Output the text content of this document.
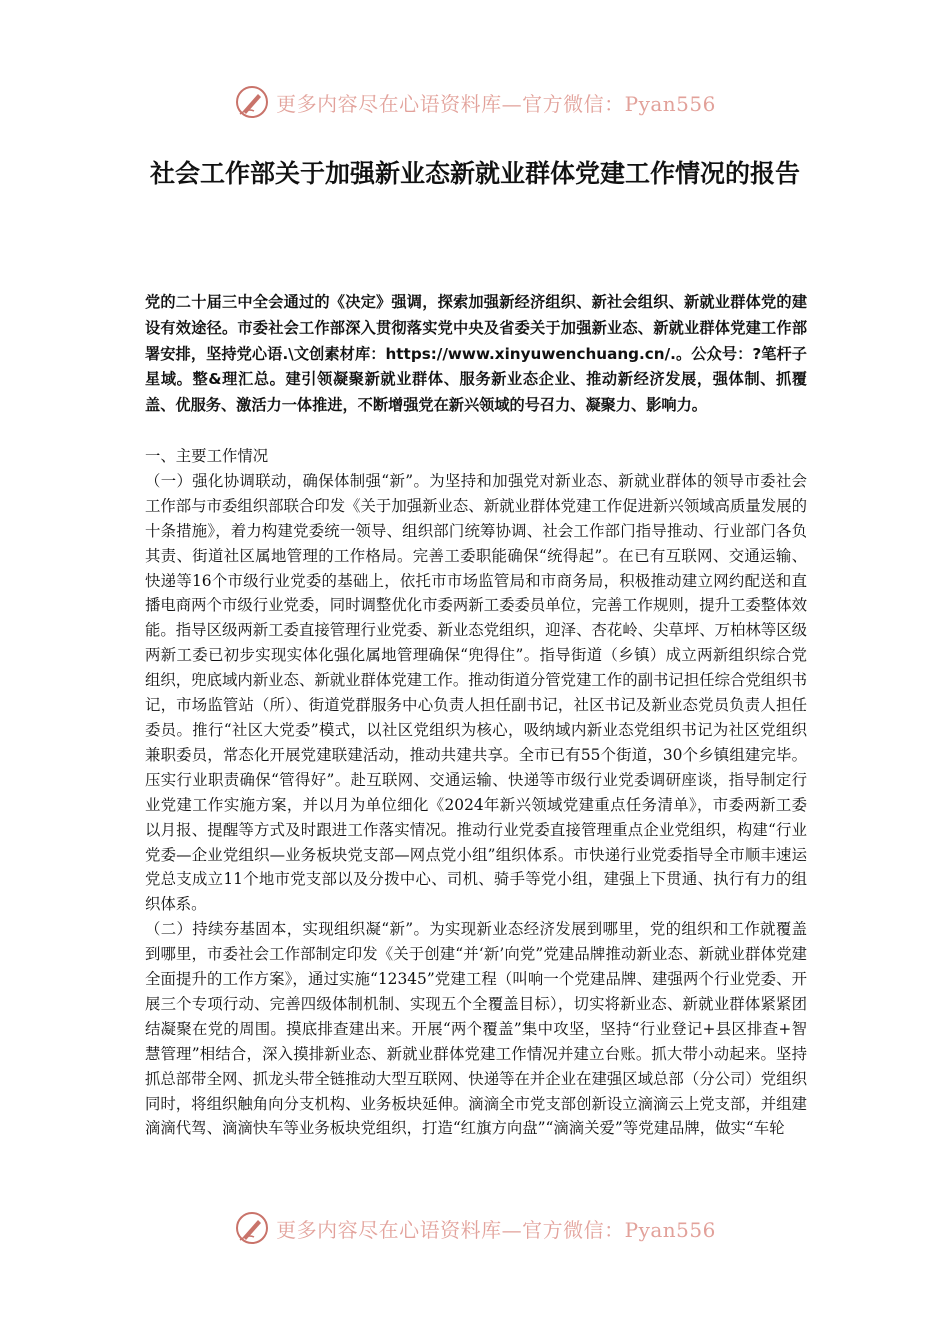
更多内容尽在心语资料库—官方微信：Pyan556
社会工作部关于加强新业态新就业群体党建工作情况的报告
党的二十届三中全会通过的《决定》强调，探索加强新经济组织、新社会组织、新就业群体党的建设有效途径。市委社会工作部深入贯彻落实党中央及省委关于加强新业态、新就业群体党建工作部署安排，坚持党心语.\文创素材库：https://www.xinyuwenchuang.cn/.。公众号：?笔杆子星域。整&理汇总。建引领凝聚新就业群体、服务新业态企业、推动新经济发展，强体制、抓覆盖、优服务、激活力一体推进，不断增强党在新兴领域的号召力、凝聚力、影响力。

一、主要工作情况

（一）强化协调联动，确保体制强“新”。为坚持和加强党对新业态、新就业群体的领导市委社会工作部与市委组织部联合印发《关于加强新业态、新就业群体党建工作促进新兴领域高质量发展的十条措施》，着力构建党委统一领导、组织部门统筹协调、社会工作部门指导推动、行业部门各负其责、街道社区属地管理的工作格局。完善工委职能确保“统得起”。在已有互联网、交通运输、快递等16个市级行业党委的基础上，依托市市场监管局和市商务局，积极推动建立网约配送和直播电商两个市级行业党委，同时调整优化市委两新工委委员单位，完善工作规则，提升工委整体效能。指导区级两新工委直接管理行业党委、新业态党组织，迎泽、杏花岭、尖草坪、万柏林等区级两新工委已初步实现实体化强化属地管理确保“兜得住”。指导街道（乡镇）成立两新组织综合党组织，兜底域内新业态、新就业群体党建工作。推动街道分管党建工作的副书记担任综合党组织书记，市场监管站（所）、街道党群服务中心负责人担任副书记，社区书记及新业态党员负责人担任委员。推行“社区大党委”模式，以社区党组织为核心，吸纳域内新业态党组织书记为社区党组织兼职委员，常态化开展党建联建活动，推动共建共享。全市已有55个街道，30个乡镇组建完毕。压实行业职责确保“管得好”。赴互联网、交通运输、快递等市级行业党委调研座谈，指导制定行业党建工作实施方案，并以月为单位细化《2024年新兴领域党建重点任务清单》，市委两新工委以月报、提醒等方式及时跟进工作落实情况。推动行业党委直接管理重点企业党组织，构建“行业党委—企业党组织—业务板块党支部—网点党小组”组织体系。市快递行业党委指导全市顺丰速运党总支成立11个地市党支部以及分拨中心、司机、骑手等党小组，建强上下贯通、执行有力的组织体系。

（二）持续夯基固本，实现组织凝“新”。为实现新业态经济发展到哪里，党的组织和工作就覆盖到哪里，市委社会工作部制定印发《关于创建“并‘新’向党”党建品牌推动新业态、新就业群体党建全面提升的工作方案》，通过实施“12345”党建工程（叫响一个党建品牌、建强两个行业党委、开展三个专项行动、完善四级体制机制、实现五个全覆盖目标），切实将新业态、新就业群体紧紧团结凝聚在党的周围。摸底排查建出来。开展“两个覆盖”集中攻坚，坚持“行业登记+县区排查+智慧管理”相结合，深入摸排新业态、新就业群体党建工作情况并建立台账。抓大带小动起来。坚持抓总部带全网、抓龙头带全链推动大型互联网、快递等在并企业在建强区域总部（分公司）党组织同时，将组织触角向分支机构、业务板块延伸。滴滴全市党支部创新设立滴滴云上党支部，并组建滴滴代驾、滴滴快车等业务板块党组织，打造“红旗方向盘”“滴滴关爱”等党建品牌，做实“车轮

更多内容尽在心语资料库—官方微信：Pyan556
